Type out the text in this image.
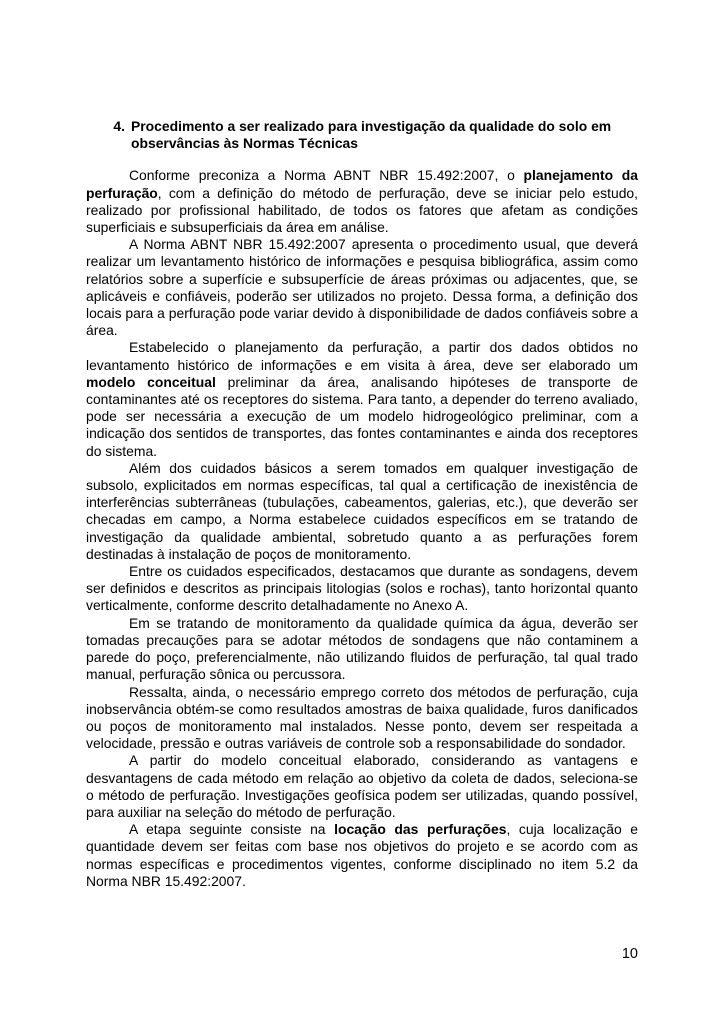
4. Procedimento a ser realizado para investigação da qualidade do solo em observâncias às Normas Técnicas

Conforme preconiza a Norma ABNT NBR 15.492:2007, o planejamento da perfuração, com a definição do método de perfuração, deve se iniciar pelo estudo, realizado por profissional habilitado, de todos os fatores que afetam as condições superficiais e subsuperficiais da área em análise.

A Norma ABNT NBR 15.492:2007 apresenta o procedimento usual, que deverá realizar um levantamento histórico de informações e pesquisa bibliográfica, assim como relatórios sobre a superfície e subsuperfície de áreas próximas ou adjacentes, que, se aplicáveis e confiáveis, poderão ser utilizados no projeto. Dessa forma, a definição dos locais para a perfuração pode variar devido à disponibilidade de dados confiáveis sobre a área.

Estabelecido o planejamento da perfuração, a partir dos dados obtidos no levantamento histórico de informações e em visita à área, deve ser elaborado um modelo conceitual preliminar da área, analisando hipóteses de transporte de contaminantes até os receptores do sistema. Para tanto, a depender do terreno avaliado, pode ser necessária a execução de um modelo hidrogeológico preliminar, com a indicação dos sentidos de transportes, das fontes contaminantes e ainda dos receptores do sistema.

Além dos cuidados básicos a serem tomados em qualquer investigação de subsolo, explicitados em normas específicas, tal qual a certificação de inexistência de interferências subterrâneas (tubulações, cabeamentos, galerias, etc.), que deverão ser checadas em campo, a Norma estabelece cuidados específicos em se tratando de investigação da qualidade ambiental, sobretudo quanto a as perfurações forem destinadas à instalação de poços de monitoramento.

Entre os cuidados especificados, destacamos que durante as sondagens, devem ser definidos e descritos as principais litologias (solos e rochas), tanto horizontal quanto verticalmente, conforme descrito detalhadamente no Anexo A.

Em se tratando de monitoramento da qualidade química da água, deverão ser tomadas precauções para se adotar métodos de sondagens que não contaminem a parede do poço, preferencialmente, não utilizando fluidos de perfuração, tal qual trado manual, perfuração sônica ou percussora.

Ressalta, ainda, o necessário emprego correto dos métodos de perfuração, cuja inobservância obtém-se como resultados amostras de baixa qualidade, furos danificados ou poços de monitoramento mal instalados. Nesse ponto, devem ser respeitada a velocidade, pressão e outras variáveis de controle sob a responsabilidade do sondador.

A partir do modelo conceitual elaborado, considerando as vantagens e desvantagens de cada método em relação ao objetivo da coleta de dados, seleciona-se o método de perfuração. Investigações geofísica podem ser utilizadas, quando possível, para auxiliar na seleção do método de perfuração.

A etapa seguinte consiste na locação das perfurações, cuja localização e quantidade devem ser feitas com base nos objetivos do projeto e se acordo com as normas específicas e procedimentos vigentes, conforme disciplinado no item 5.2 da Norma NBR 15.492:2007.

10
